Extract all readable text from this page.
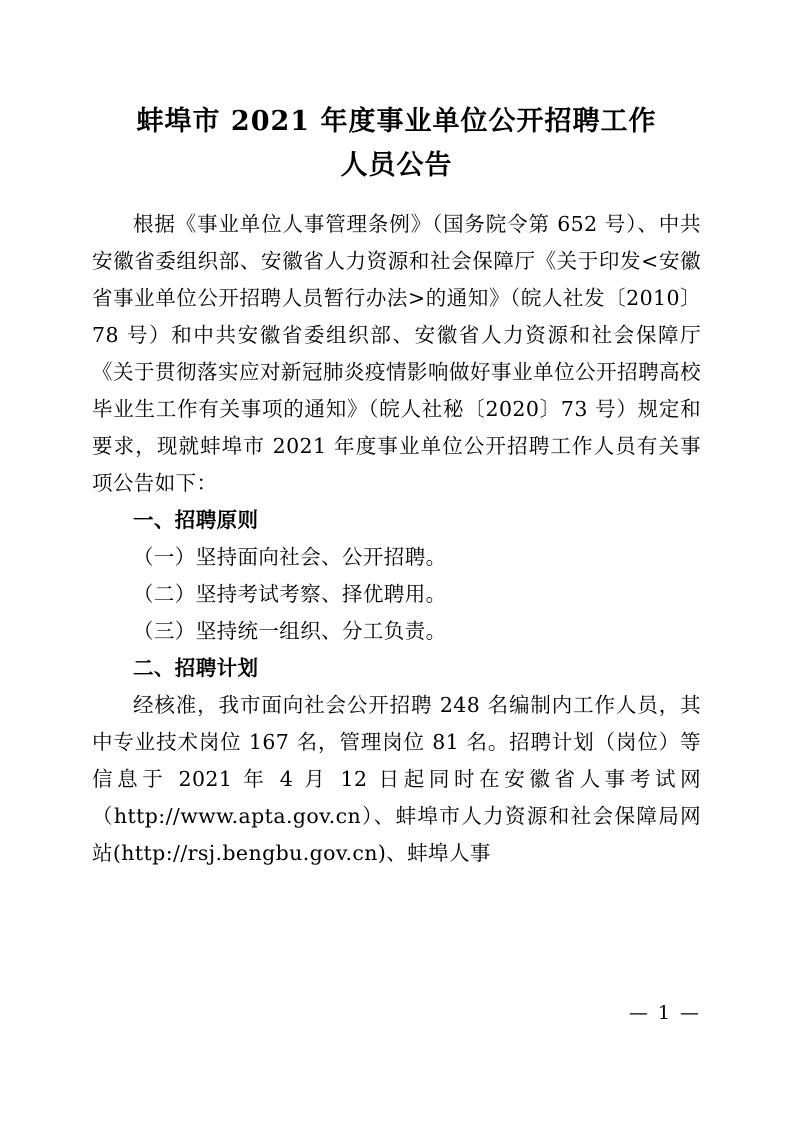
蚌埠市 2021 年度事业单位公开招聘工作
人员公告

根据《事业单位人事管理条例》（国务院令第 652 号）、中共安徽省委组织部、安徽省人力资源和社会保障厅《关于印发<安徽省事业单位公开招聘人员暂行办法>的通知》（皖人社发〔2010〕78 号）和中共安徽省委组织部、安徽省人力资源和社会保障厅《关于贯彻落实应对新冠肺炎疫情影响做好事业单位公开招聘高校毕业生工作有关事项的通知》（皖人社秘〔2020〕73 号）规定和要求，现就蚌埠市 2021 年度事业单位公开招聘工作人员有关事项公告如下：

一、招聘原则

（一）坚持面向社会、公开招聘。

（二）坚持考试考察、择优聘用。

（三）坚持统一组织、分工负责。

二、招聘计划

经核准，我市面向社会公开招聘 248 名编制内工作人员，其中专业技术岗位 167 名，管理岗位 81 名。招聘计划（岗位）等信息于 2021 年 4 月 12 日起同时在安徽省人事考试网（http://www.apta.gov.cn）、蚌埠市人力资源和社会保障局网站(http://rsj.bengbu.gov.cn)、蚌埠人事

— 1 —
